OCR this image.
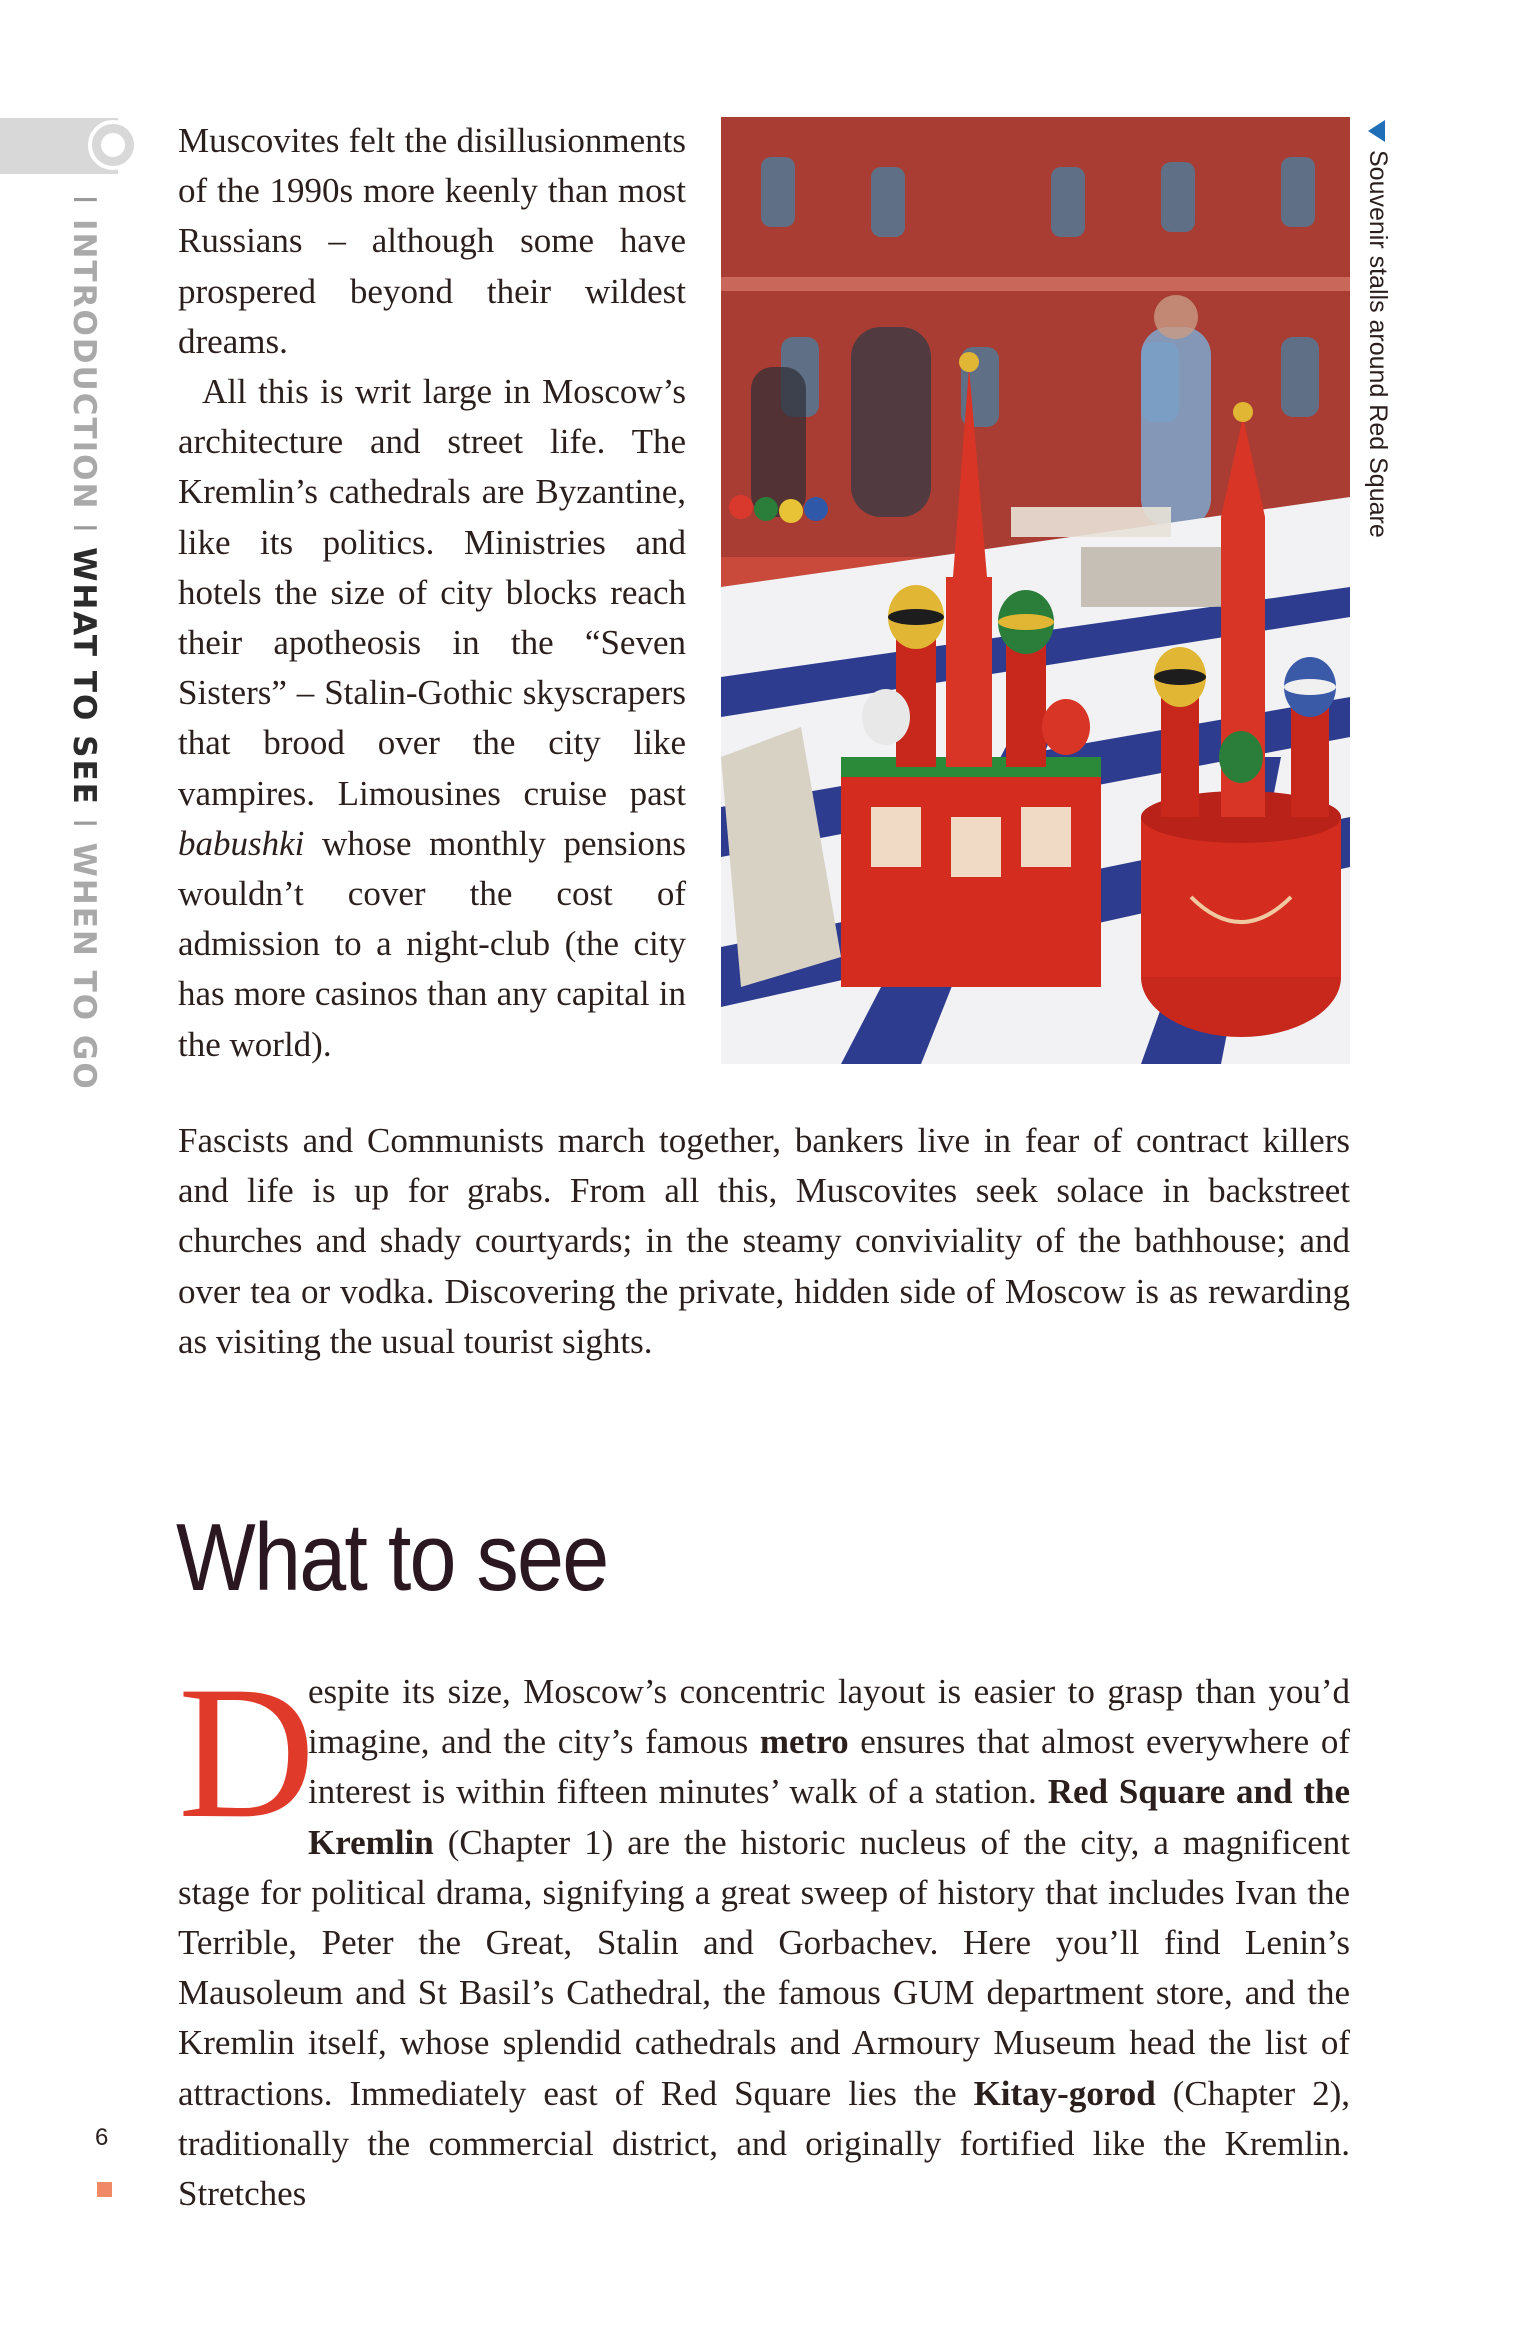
I INTRODUCTION I WHAT TO SEE I WHEN TO GO

Muscovites felt the disillusionments of the 1990s more keenly than most Russians – although some have prospered beyond their wildest dreams.

All this is writ large in Moscow’s architecture and street life. The Kremlin’s cathedrals are Byzantine, like its politics. Ministries and hotels the size of city blocks reach their apotheosis in the “Seven Sisters” – Stalin-Gothic skyscrapers that brood over the city like vampires. Limousines cruise past babushki whose monthly pensions wouldn’t cover the cost of admission to a night-club (the city has more casinos than any capital in the world).

Souvenir stalls around Red Square
Fascists and Communists march together, bankers live in fear of contract killers and life is up for grabs. From all this, Muscovites seek solace in backstreet churches and shady courtyards; in the steamy conviviality of the bathhouse; and over tea or vodka. Discovering the private, hidden side of Moscow is as rewarding as visiting the usual tourist sights.
What to see
D
espite its size, Moscow’s concentric layout is easier to grasp than you’d imagine, and the city’s famous metro ensures that almost everywhere of interest is within fifteen minutes’ walk of a station. Red Square and the Kremlin (Chapter 1) are the historic nucleus of the city, a magnificent stage for political drama, signifying a great sweep of history that includes Ivan the Terrible, Peter the Great, Stalin and Gorbachev. Here you’ll find Lenin’s Mausoleum and St Basil’s Cathedral, the famous GUM department store, and the Kremlin itself, whose splendid cathedrals and Armoury Museum head the list of attractions. Immediately east of Red Square lies the Kitay-gorod (Chapter 2), traditionally the commercial district, and originally fortified like the Kremlin. Stretches
6
